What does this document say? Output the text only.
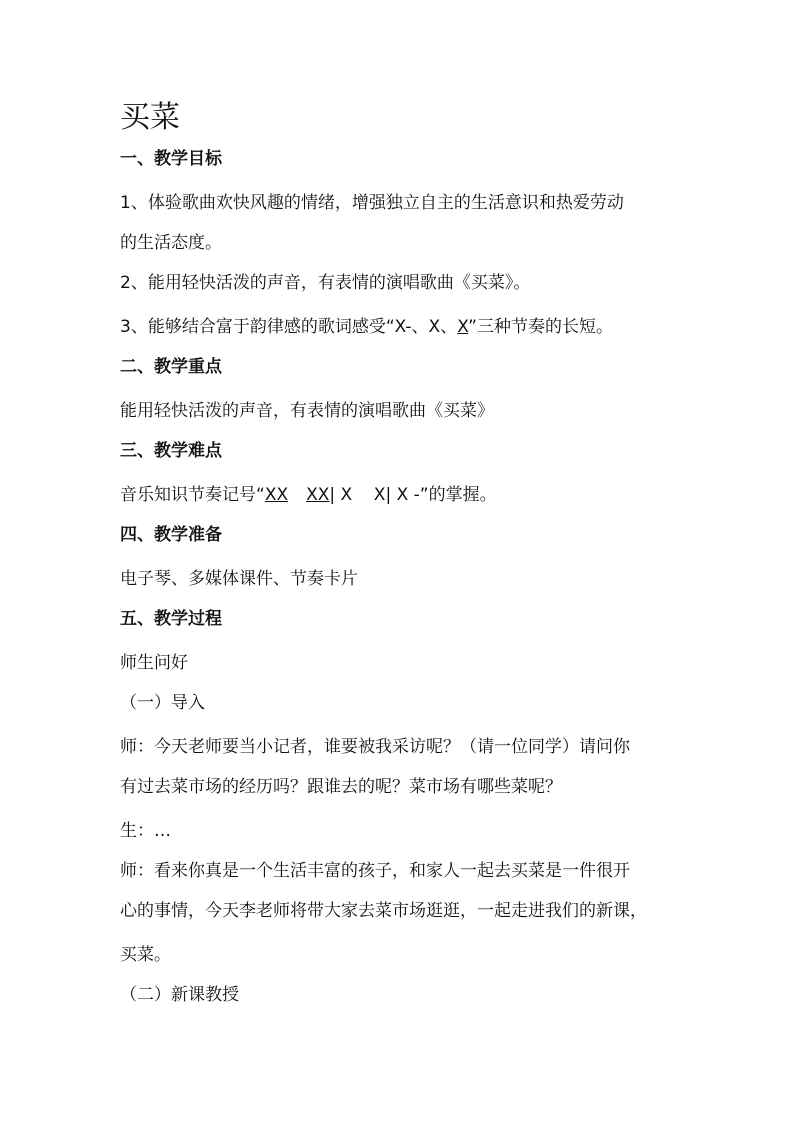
买菜
一、教学目标
1、体验歌曲欢快风趣的情绪，增强独立自主的生活意识和热爱劳动
的生活态度。
2、能用轻快活泼的声音，有表情的演唱歌曲《买菜》。
3、能够结合富于韵律感的歌词感受“X-、X、X”三种节奏的长短。
二、教学重点
能用轻快活泼的声音，有表情的演唱歌曲《买菜》
三、教学难点
音乐知识节奏记号“XX XX| X    X| X -”的掌握。
四、教学准备
电子琴、多媒体课件、节奏卡片
五、教学过程
师生问好
（一）导入
师：今天老师要当小记者，谁要被我采访呢？（请一位同学）请问你
有过去菜市场的经历吗？跟谁去的呢？菜市场有哪些菜呢？
生：…
师：看来你真是一个生活丰富的孩子，和家人一起去买菜是一件很开
心的事情，今天李老师将带大家去菜市场逛逛，一起走进我们的新课，
买菜。
（二）新课教授
